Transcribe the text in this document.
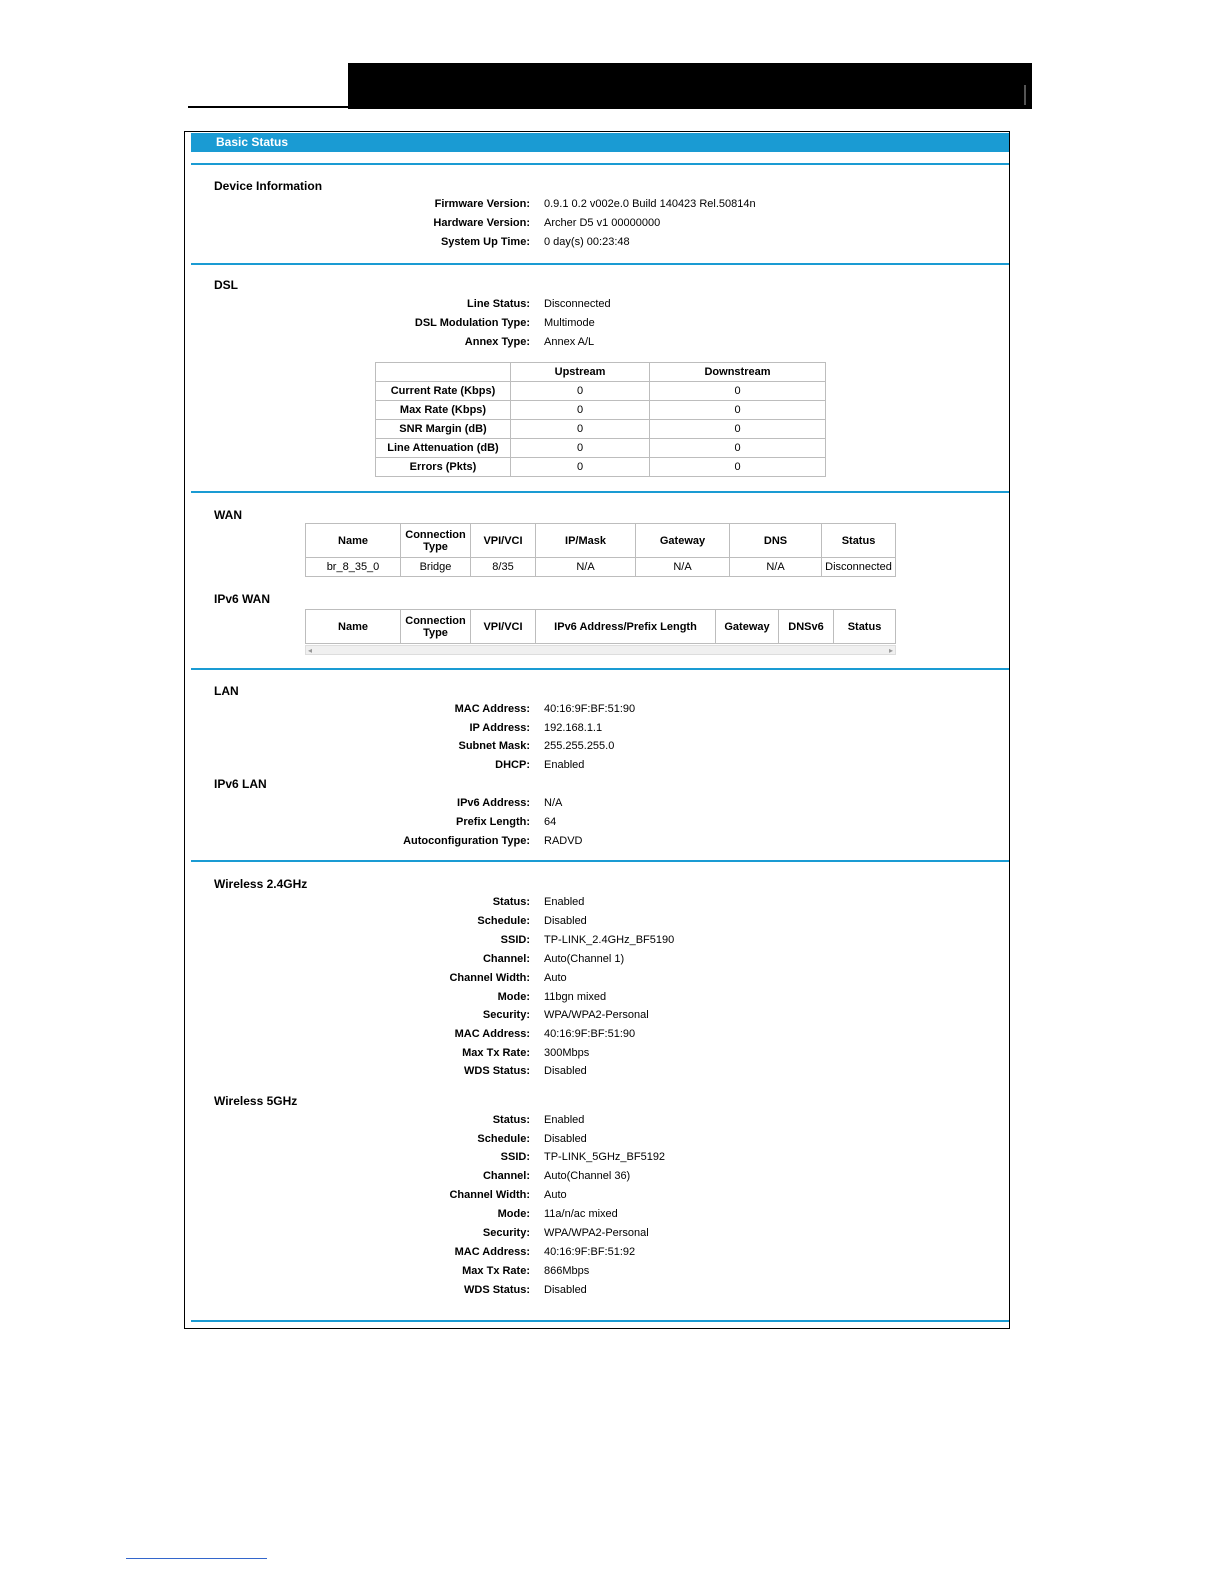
Basic Status
Device Information
Firmware Version: 0.9.1 0.2 v002e.0 Build 140423 Rel.50814n
Hardware Version: Archer D5 v1 00000000
System Up Time: 0 day(s) 00:23:48
DSL
Line Status: Disconnected
DSL Modulation Type: Multimode
Annex Type: Annex A/L
	Upstream	Downstream
Current Rate (Kbps)	0	0
Max Rate (Kbps)	0	0
SNR Margin (dB)	0	0
Line Attenuation (dB)	0	0
Errors (Pkts)	0	0
WAN
Name	Connection Type	VPI/VCI	IP/Mask	Gateway	DNS	Status
br_8_35_0	Bridge	8/35	N/A	N/A	N/A	Disconnected
IPv6 WAN
Name	Connection Type	VPI/VCI	IPv6 Address/Prefix Length	Gateway	DNSv6	Status
◂	▸
LAN
MAC Address: 40:16:9F:BF:51:90
IP Address: 192.168.1.1
Subnet Mask: 255.255.255.0
DHCP: Enabled
IPv6 LAN
IPv6 Address: N/A
Prefix Length: 64
Autoconfiguration Type: RADVD
Wireless 2.4GHz
Status: Enabled
Schedule: Disabled
SSID: TP-LINK_2.4GHz_BF5190
Channel: Auto(Channel 1)
Channel Width: Auto
Mode: 11bgn mixed
Security: WPA/WPA2-Personal
MAC Address: 40:16:9F:BF:51:90
Max Tx Rate: 300Mbps
WDS Status: Disabled
Wireless 5GHz
Status: Enabled
Schedule: Disabled
SSID: TP-LINK_5GHz_BF5192
Channel: Auto(Channel 36)
Channel Width: Auto
Mode: 11a/n/ac mixed
Security: WPA/WPA2-Personal
MAC Address: 40:16:9F:BF:51:92
Max Tx Rate: 866Mbps
WDS Status: Disabled
